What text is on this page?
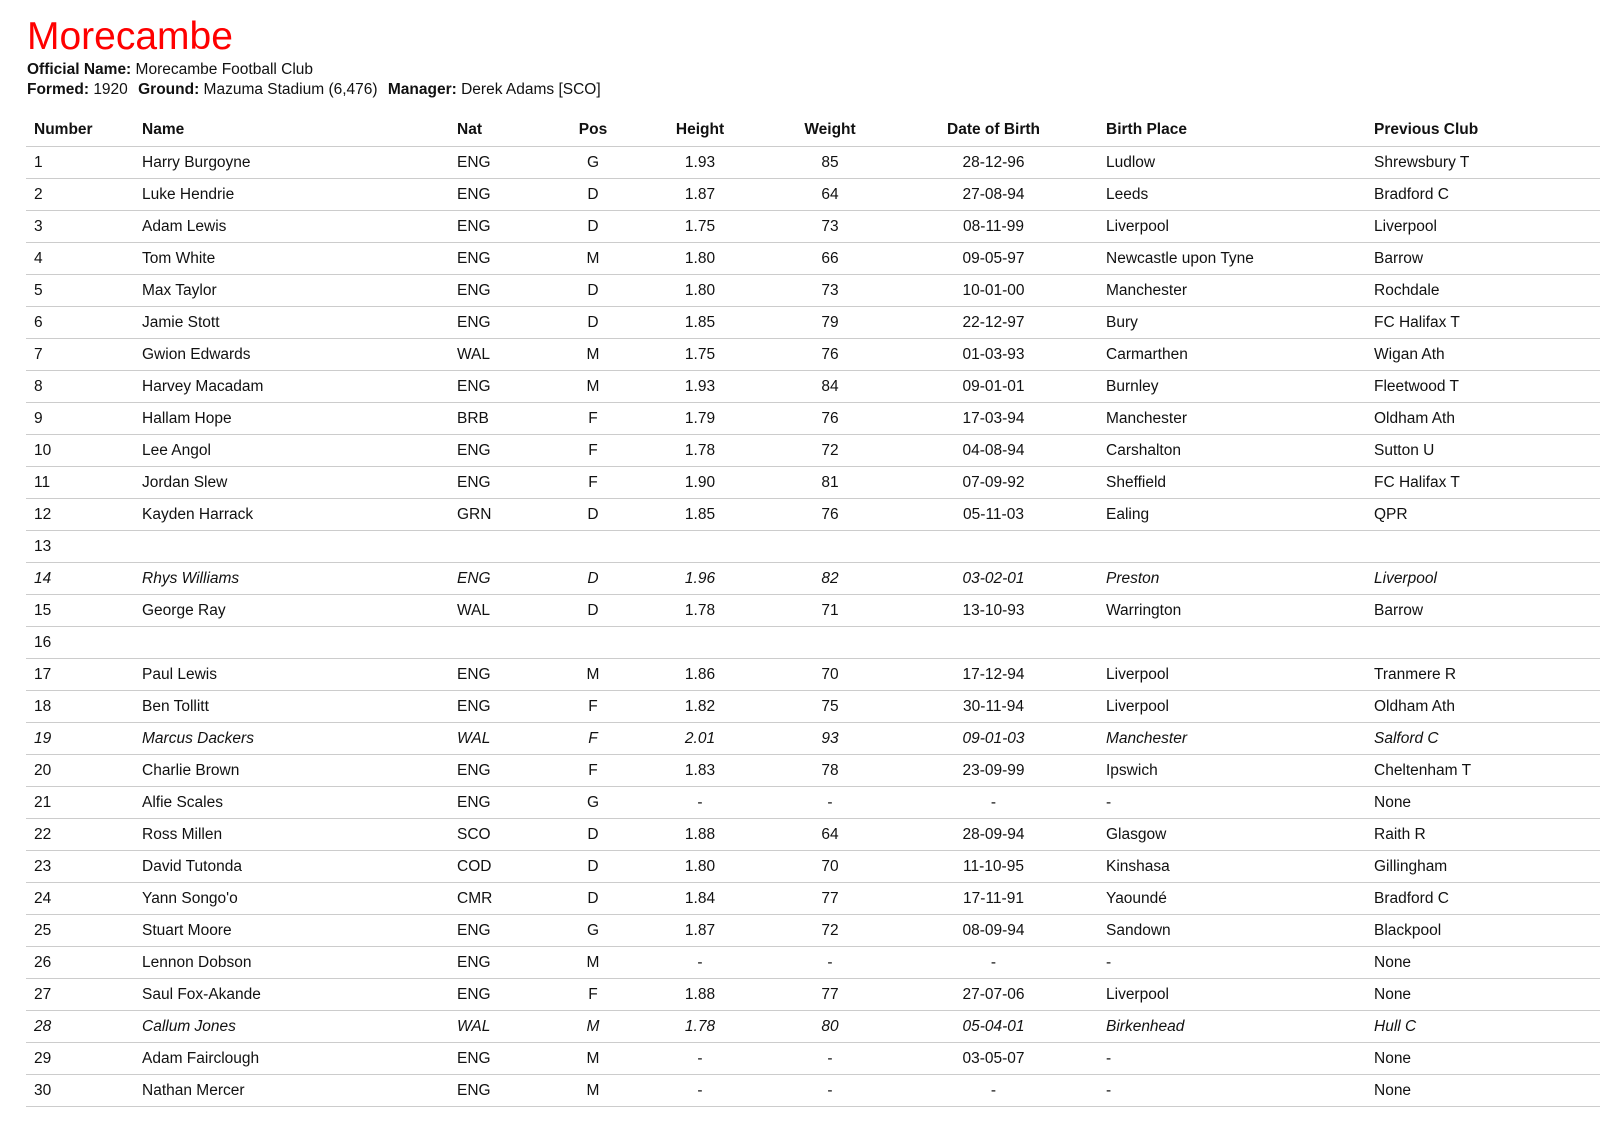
Morecambe
Official Name: Morecambe Football Club
Formed: 1920 Ground: Mazuma Stadium (6,476) Manager: Derek Adams [SCO]
Number	Name	Nat	Pos	Height	Weight	Date of Birth	Birth Place	Previous Club
1	Harry Burgoyne	ENG	G	1.93	85	28-12-96	Ludlow	Shrewsbury T
2	Luke Hendrie	ENG	D	1.87	64	27-08-94	Leeds	Bradford C
3	Adam Lewis	ENG	D	1.75	73	08-11-99	Liverpool	Liverpool
4	Tom White	ENG	M	1.80	66	09-05-97	Newcastle upon Tyne	Barrow
5	Max Taylor	ENG	D	1.80	73	10-01-00	Manchester	Rochdale
6	Jamie Stott	ENG	D	1.85	79	22-12-97	Bury	FC Halifax T
7	Gwion Edwards	WAL	M	1.75	76	01-03-93	Carmarthen	Wigan Ath
8	Harvey Macadam	ENG	M	1.93	84	09-01-01	Burnley	Fleetwood T
9	Hallam Hope	BRB	F	1.79	76	17-03-94	Manchester	Oldham Ath
10	Lee Angol	ENG	F	1.78	72	04-08-94	Carshalton	Sutton U
11	Jordan Slew	ENG	F	1.90	81	07-09-92	Sheffield	FC Halifax T
12	Kayden Harrack	GRN	D	1.85	76	05-11-03	Ealing	QPR
13								
14	Rhys Williams	ENG	D	1.96	82	03-02-01	Preston	Liverpool
15	George Ray	WAL	D	1.78	71	13-10-93	Warrington	Barrow
16								
17	Paul Lewis	ENG	M	1.86	70	17-12-94	Liverpool	Tranmere R
18	Ben Tollitt	ENG	F	1.82	75	30-11-94	Liverpool	Oldham Ath
19	Marcus Dackers	WAL	F	2.01	93	09-01-03	Manchester	Salford C
20	Charlie Brown	ENG	F	1.83	78	23-09-99	Ipswich	Cheltenham T
21	Alfie Scales	ENG	G	-	-	-	-	None
22	Ross Millen	SCO	D	1.88	64	28-09-94	Glasgow	Raith R
23	David Tutonda	COD	D	1.80	70	11-10-95	Kinshasa	Gillingham
24	Yann Songo'o	CMR	D	1.84	77	17-11-91	Yaoundé	Bradford C
25	Stuart Moore	ENG	G	1.87	72	08-09-94	Sandown	Blackpool
26	Lennon Dobson	ENG	M	-	-	-	-	None
27	Saul Fox-Akande	ENG	F	1.88	77	27-07-06	Liverpool	None
28	Callum Jones	WAL	M	1.78	80	05-04-01	Birkenhead	Hull C
29	Adam Fairclough	ENG	M	-	-	03-05-07	-	None
30	Nathan Mercer	ENG	M	-	-	-	-	None
